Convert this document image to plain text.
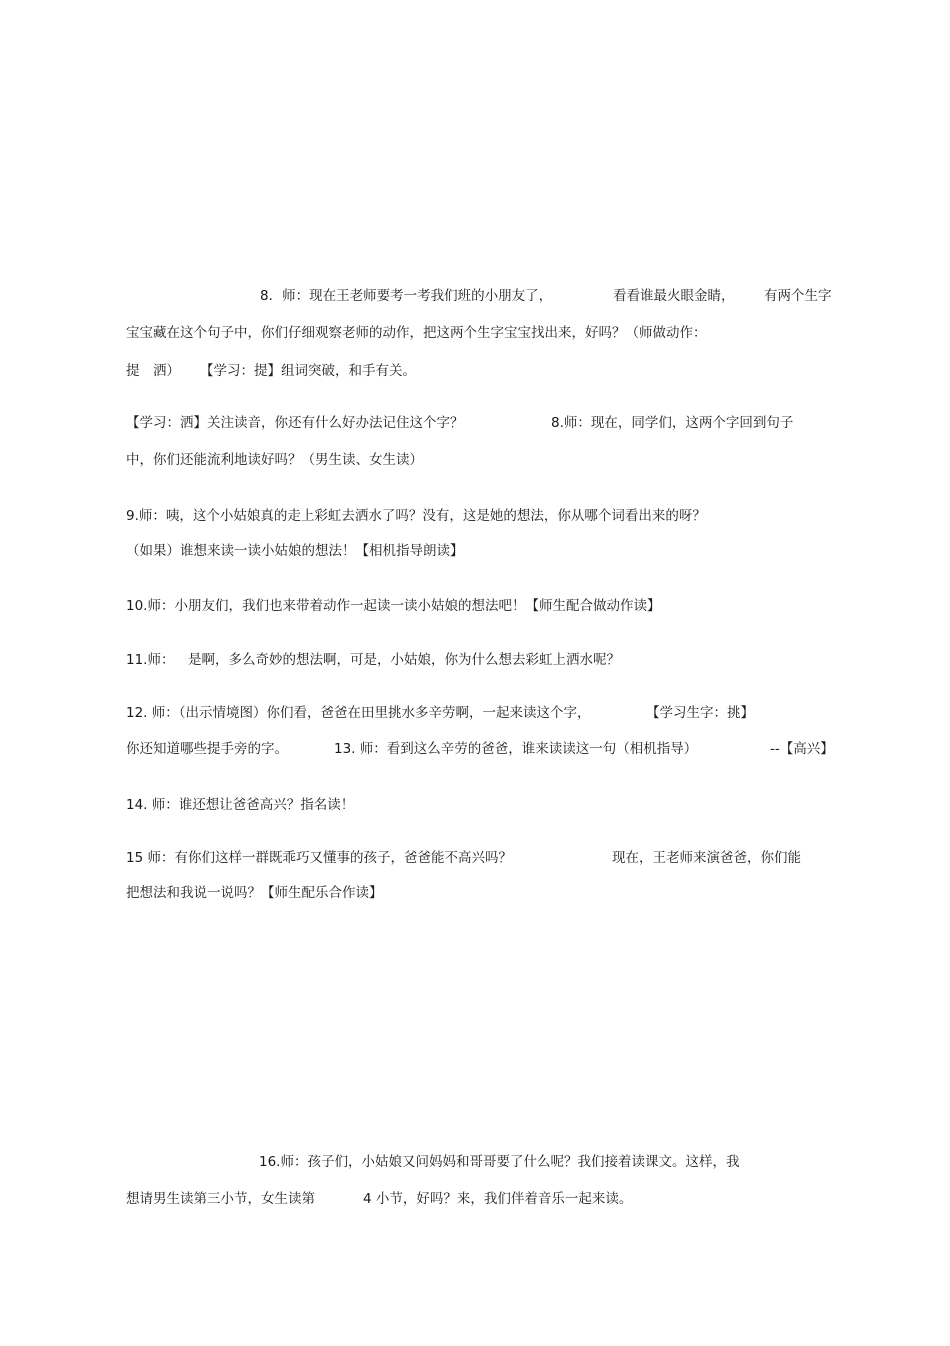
8．师：现在王老师要考一考我们班的小朋友了，	看看谁最火眼金睛， 有两个生字
宝宝藏在这个句子中，你们仔细观察老师的动作，把这两个生字宝宝找出来，好吗？（师做动作：
提　洒） 【学习：提】组词突破，和手有关。
【学习：洒】关注读音，你还有什么好办法记住这个字？	8.师：现在，同学们，这两个字回到句子
中，你们还能流利地读好吗？（男生读、女生读）
9.师：咦，这个小姑娘真的走上彩虹去洒水了吗？没有，这是她的想法，你从哪个词看出来的呀？
（如果）谁想来读一读小姑娘的想法！【相机指导朗读】
10.师：小朋友们，我们也来带着动作一起读一读小姑娘的想法吧！【师生配合做动作读】
11.师： 是啊，多么奇妙的想法啊，可是，小姑娘，你为什么想去彩虹上洒水呢？
12. 师：（出示情境图）你们看，爸爸在田里挑水多辛劳啊，一起来读这个字，	【学习生字：挑】
你还知道哪些提手旁的字。	13. 师：看到这么辛劳的爸爸，谁来读读这一句（相机指导）	--【高兴】
14. 师：谁还想让爸爸高兴？指名读！
15 师：有你们这样一群既乖巧又懂事的孩子，爸爸能不高兴吗？	现在，王老师来演爸爸，你们能
把想法和我说一说吗？【师生配乐合作读】
16.师：孩子们，小姑娘又问妈妈和哥哥要了什么呢？我们接着读课文。这样，我
想请男生读第三小节，女生读第	4 小节，好吗？来，我们伴着音乐一起来读。
